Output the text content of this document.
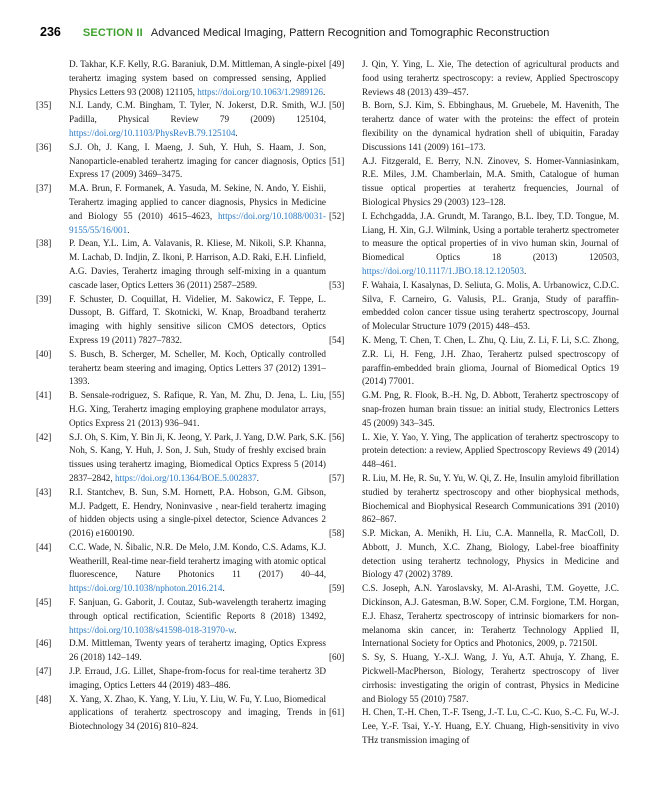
236 SECTION II Advanced Medical Imaging, Pattern Recognition and Tomographic Reconstruction
D. Takhar, K.F. Kelly, R.G. Baraniuk, D.M. Mittleman, A single-pixel terahertz imaging system based on compressed sensing, Applied Physics Letters 93 (2008) 121105, https://doi.org/10.1063/1.2989126.
[35] N.I. Landy, C.M. Bingham, T. Tyler, N. Jokerst, D.R. Smith, W.J. Padilla, Physical Review 79 (2009) 125104, https://doi.org/10.1103/PhysRevB.79.125104.
[36] S.J. Oh, J. Kang, I. Maeng, J. Suh, Y. Huh, S. Haam, J. Son, Nanoparticle-enabled terahertz imaging for cancer diagnosis, Optics Express 17 (2009) 3469–3475.
[37] M.A. Brun, F. Formanek, A. Yasuda, M. Sekine, N. Ando, Y. Eishii, Terahertz imaging applied to cancer diagnosis, Physics in Medicine and Biology 55 (2010) 4615–4623, https://doi.org/10.1088/0031-9155/55/16/001.
[38] P. Dean, Y.L. Lim, A. Valavanis, R. Kliese, M. Nikoli, S.P. Khanna, M. Lachab, D. Indjin, Z. Ikoni, P. Harrison, A.D. Raki, E.H. Linfield, A.G. Davies, Terahertz imaging through self-mixing in a quantum cascade laser, Optics Letters 36 (2011) 2587–2589.
[39] F. Schuster, D. Coquillat, H. Videlier, M. Sakowicz, F. Teppe, L. Dussopt, B. Giffard, T. Skotnicki, W. Knap, Broadband terahertz imaging with highly sensitive silicon CMOS detectors, Optics Express 19 (2011) 7827–7832.
[40] S. Busch, B. Scherger, M. Scheller, M. Koch, Optically controlled terahertz beam steering and imaging, Optics Letters 37 (2012) 1391–1393.
[41] B. Sensale-rodriguez, S. Rafique, R. Yan, M. Zhu, D. Jena, L. Liu, H.G. Xing, Terahertz imaging employing graphene modulator arrays, Optics Express 21 (2013) 936–941.
[42] S.J. Oh, S. Kim, Y. Bin Ji, K. Jeong, Y. Park, J. Yang, D.W. Park, S.K. Noh, S. Kang, Y. Huh, J. Son, J. Suh, Study of freshly excised brain tissues using terahertz imaging, Biomedical Optics Express 5 (2014) 2837–2842, https://doi.org/10.1364/BOE.5.002837.
[43] R.I. Stantchev, B. Sun, S.M. Hornett, P.A. Hobson, G.M. Gibson, M.J. Padgett, E. Hendry, Noninvasive , near-field terahertz imaging of hidden objects using a single-pixel detector, Science Advances 2 (2016) e1600190.
[44] C.C. Wade, N. Šibalic, N.R. De Melo, J.M. Kondo, C.S. Adams, K.J. Weatherill, Real-time near-field terahertz imaging with atomic optical fluorescence, Nature Photonics 11 (2017) 40–44, https://doi.org/10.1038/nphoton.2016.214.
[45] F. Sanjuan, G. Gaborit, J. Coutaz, Sub-wavelength terahertz imaging through optical rectification, Scientific Reports 8 (2018) 13492, https://doi.org/10.1038/s41598-018-31970-w.
[46] D.M. Mittleman, Twenty years of terahertz imaging, Optics Express 26 (2018) 142–149.
[47] J.P. Erraud, J.G. Lillet, Shape-from-focus for real-time terahertz 3D imaging, Optics Letters 44 (2019) 483–486.
[48] X. Yang, X. Zhao, K. Yang, Y. Liu, Y. Liu, W. Fu, Y. Luo, Biomedical applications of terahertz spectroscopy and imaging, Trends in Biotechnology 34 (2016) 810–824.
[49] J. Qin, Y. Ying, L. Xie, The detection of agricultural products and food using terahertz spectroscopy: a review, Applied Spectroscopy Reviews 48 (2013) 439–457.
[50] B. Born, S.J. Kim, S. Ebbinghaus, M. Gruebele, M. Havenith, The terahertz dance of water with the proteins: the effect of protein flexibility on the dynamical hydration shell of ubiquitin, Faraday Discussions 141 (2009) 161–173.
[51] A.J. Fitzgerald, E. Berry, N.N. Zinovev, S. Homer-Vanniasinkam, R.E. Miles, J.M. Chamberlain, M.A. Smith, Catalogue of human tissue optical properties at terahertz frequencies, Journal of Biological Physics 29 (2003) 123–128.
[52] I. Echchgadda, J.A. Grundt, M. Tarango, B.L. Ibey, T.D. Tongue, M. Liang, H. Xin, G.J. Wilmink, Using a portable terahertz spectrometer to measure the optical properties of in vivo human skin, Journal of Biomedical Optics 18 (2013) 120503, https://doi.org/10.1117/1.JBO.18.12.120503.
[53] F. Wahaia, I. Kasalynas, D. Seliuta, G. Molis, A. Urbanowicz, C.D.C. Silva, F. Carneiro, G. Valusis, P.L. Granja, Study of paraffin-embedded colon cancer tissue using terahertz spectroscopy, Journal of Molecular Structure 1079 (2015) 448–453.
[54] K. Meng, T. Chen, T. Chen, L. Zhu, Q. Liu, Z. Li, F. Li, S.C. Zhong, Z.R. Li, H. Feng, J.H. Zhao, Terahertz pulsed spectroscopy of paraffin-embedded brain glioma, Journal of Biomedical Optics 19 (2014) 77001.
[55] G.M. Png, R. Flook, B.-H. Ng, D. Abbott, Terahertz spectroscopy of snap-frozen human brain tissue: an initial study, Electronics Letters 45 (2009) 343–345.
[56] L. Xie, Y. Yao, Y. Ying, The application of terahertz spectroscopy to protein detection: a review, Applied Spectroscopy Reviews 49 (2014) 448–461.
[57] R. Liu, M. He, R. Su, Y. Yu, W. Qi, Z. He, Insulin amyloid fibrillation studied by terahertz spectroscopy and other biophysical methods, Biochemical and Biophysical Research Communications 391 (2010) 862–867.
[58] S.P. Mickan, A. Menikh, H. Liu, C.A. Mannella, R. MacColl, D. Abbott, J. Munch, X.C. Zhang, Biology, Label-free bioaffinity detection using terahertz technology, Physics in Medicine and Biology 47 (2002) 3789.
[59] C.S. Joseph, A.N. Yaroslavsky, M. Al-Arashi, T.M. Goyette, J.C. Dickinson, A.J. Gatesman, B.W. Soper, C.M. Forgione, T.M. Horgan, E.J. Ehasz, Terahertz spectroscopy of intrinsic biomarkers for non-melanoma skin cancer, in: Terahertz Technology Applied II, International Society for Optics and Photonics, 2009, p. 72150I.
[60] S. Sy, S. Huang, Y.-X.J. Wang, J. Yu, A.T. Ahuja, Y. Zhang, E. Pickwell-MacPherson, Biology, Terahertz spectroscopy of liver cirrhosis: investigating the origin of contrast, Physics in Medicine and Biology 55 (2010) 7587.
[61] H. Chen, T.-H. Chen, T.-F. Tseng, J.-T. Lu, C.-C. Kuo, S.-C. Fu, W.-J. Lee, Y.-F. Tsai, Y.-Y. Huang, E.Y. Chuang, High-sensitivity in vivo THz transmission imaging of
